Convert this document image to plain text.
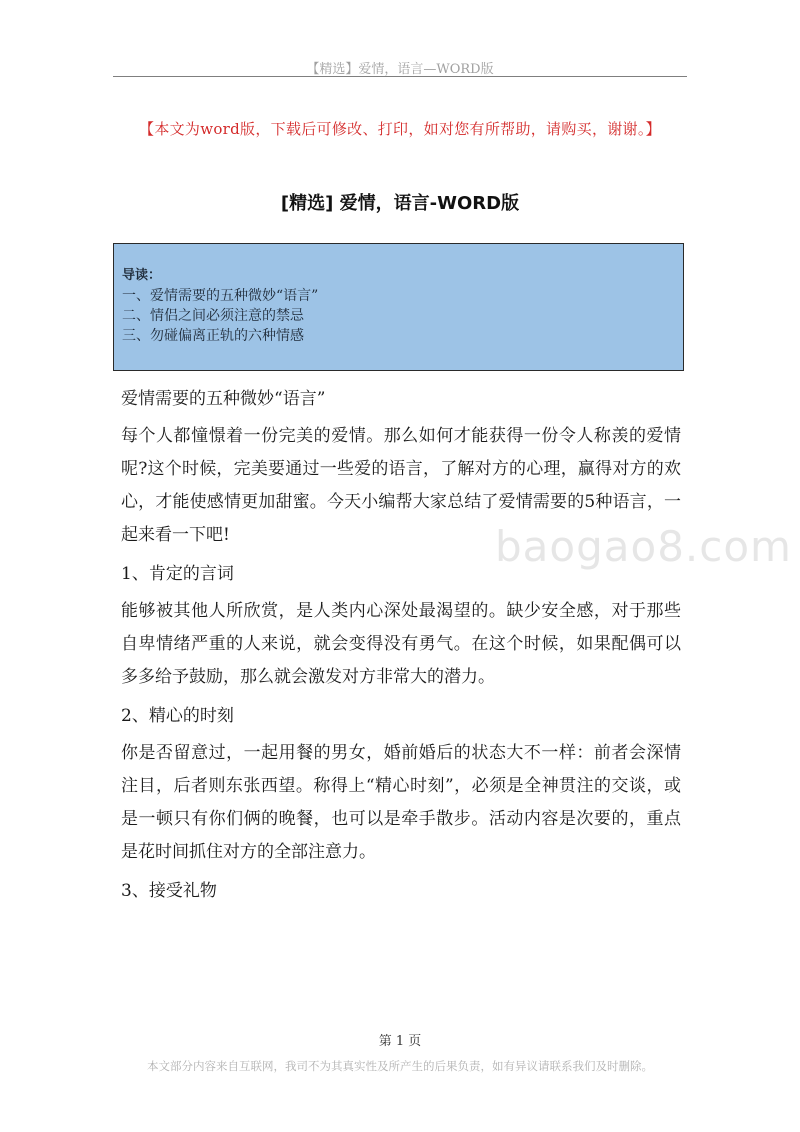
【精选】爱情，语言—WORD版
【本文为word版，下载后可修改、打印，如对您有所帮助，请购买，谢谢。】
[精选] 爱情，语言-WORD版
导读：
一、爱情需要的五种微妙“语言”
二、情侣之间必须注意的禁忌
三、勿碰偏离正轨的六种情感
baogao8.com

爱情需要的五种微妙“语言”

每个人都憧憬着一份完美的爱情。那么如何才能获得一份令人称羡的爱情呢?这个时候，完美要通过一些爱的语言，了解对方的心理，赢得对方的欢心，才能使感情更加甜蜜。今天小编帮大家总结了爱情需要的5种语言，一起来看一下吧!

1、肯定的言词

能够被其他人所欣赏，是人类内心深处最渴望的。缺少安全感，对于那些自卑情绪严重的人来说，就会变得没有勇气。在这个时候，如果配偶可以多多给予鼓励，那么就会激发对方非常大的潜力。

2、精心的时刻

你是否留意过，一起用餐的男女，婚前婚后的状态大不一样：前者会深情注目，后者则东张西望。称得上“精心时刻”，必须是全神贯注的交谈，或是一顿只有你们俩的晚餐，也可以是牵手散步。活动内容是次要的，重点是花时间抓住对方的全部注意力。

3、接受礼物

第 1 页
本文部分内容来自互联网，我司不为其真实性及所产生的后果负责，如有异议请联系我们及时删除。
